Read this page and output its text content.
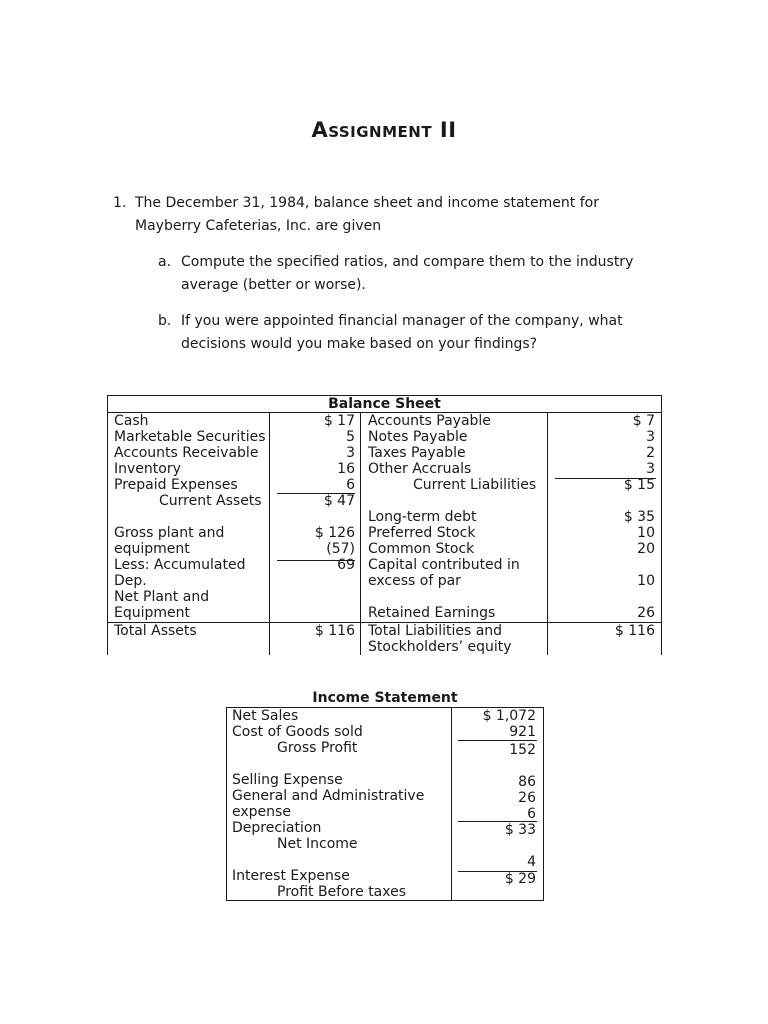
ASSIGNMENT II
1. The December 31, 1984, balance sheet and income statement for
Mayberry Cafeterias, Inc. are given
a. Compute the specified ratios, and compare them to the industry
average (better or worse).
b. If you were appointed financial manager of the company, what
decisions would you make based on your findings?
Balance Sheet
Cash
Marketable Securities
Accounts Receivable
Inventory
Prepaid Expenses
Current Assets
Gross plant and
equipment
Less: Accumulated
Dep.
Net Plant and
Equipment
Total Assets
$ 17
5
3
16
6
$ 47
$ 126
(57)
69
$ 116
Accounts Payable
Notes Payable
Taxes Payable
Other Accruals
Current Liabilities
Long-term debt
Preferred Stock
Common Stock
Capital contributed in
excess of par
Retained Earnings
Total Liabilities and
Stockholders’ equity
$ 7
3
2
3
$ 15
$ 35
10
20
10
26
$ 116
Income Statement
Net Sales
Cost of Goods sold
Gross Profit
Selling Expense
General and Administrative
expense
Depreciation
Net Income
Interest Expense
Profit Before taxes
$ 1,072
921
152
86
26
6
$ 33
4
$ 29
